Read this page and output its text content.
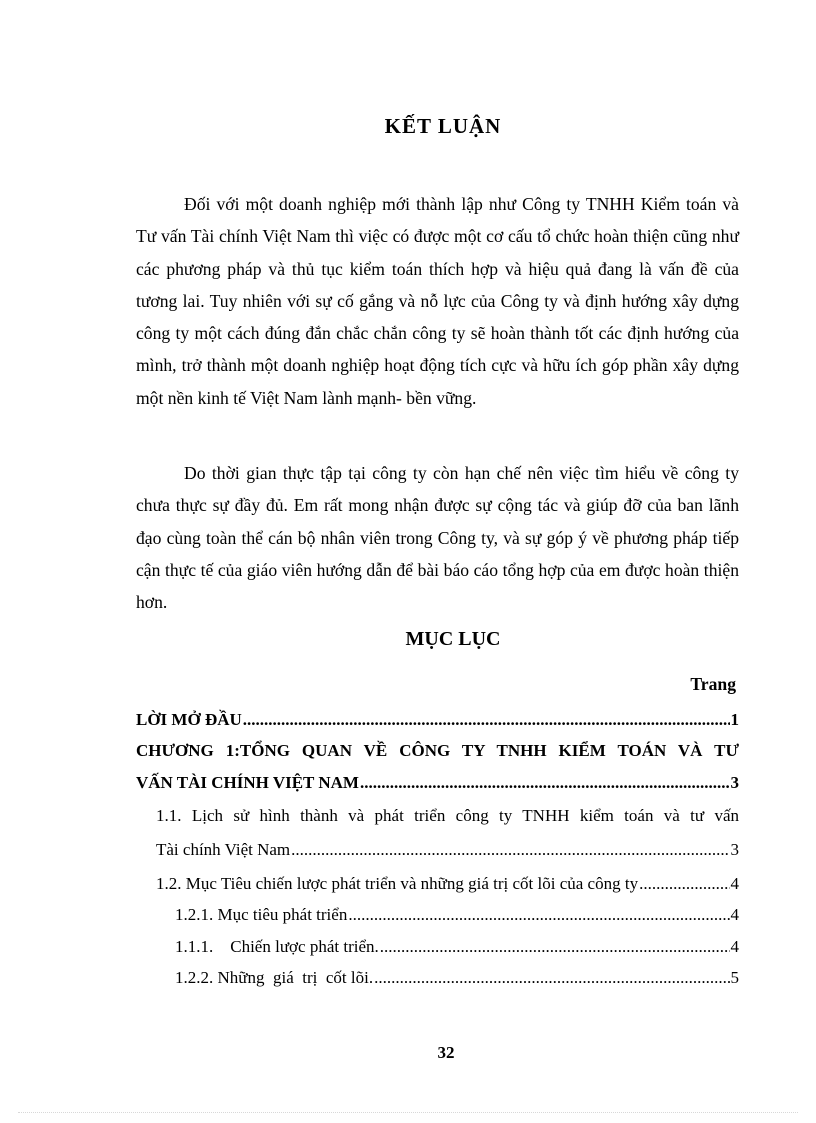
KẾT LUẬN

Đối với một doanh nghiệp mới thành lập như Công ty TNHH Kiểm toán và Tư vấn Tài chính Việt Nam thì việc có được một cơ cấu tổ chức hoàn thiện cũng như các phương pháp và thủ tục kiểm toán thích hợp và hiệu quả đang là vấn đề của tương lai. Tuy nhiên với sự cố gắng và nỗ lực của Công ty và định hướng xây dựng công ty một cách đúng đắn chắc chắn công ty sẽ hoàn thành tốt các định hướng của mình, trở thành một doanh nghiệp hoạt động tích cực và hữu ích góp phần xây dựng một nền kinh tế Việt Nam lành mạnh- bền vững.

Do thời gian thực tập tại công ty còn hạn chế nên việc tìm hiểu về công ty chưa thực sự đầy đủ. Em rất mong nhận được sự cộng tác và giúp đỡ của ban lãnh đạo cùng toàn thể cán bộ nhân viên trong Công ty, và sự góp ý về phương pháp tiếp cận thực tế của giáo viên hướng dẫn để bài báo cáo tổng hợp của em được hoàn thiện hơn.

MỤC LỤC
Trang
LỜI MỞ ĐẦU .....	1
CHƯƠNG 1:TỔNG QUAN VỀ CÔNG TY TNHH KIỂM TOÁN VÀ TƯ
VẤN TÀI CHÍNH VIỆT NAM .....	3
1.1. Lịch sử hình thành và phát triển công ty TNHH kiểm toán và tư vấn
Tài chính Việt Nam .....	3
1.2. Mục Tiêu chiến lược phát triển và những giá trị cốt lõi của công ty .....	4
1.2.1. Mục tiêu phát triển .....	4
1.1.1.    Chiến lược phát triển. .....	4
1.2.2. Những  giá  trị  cốt lõi. .....	5
32
